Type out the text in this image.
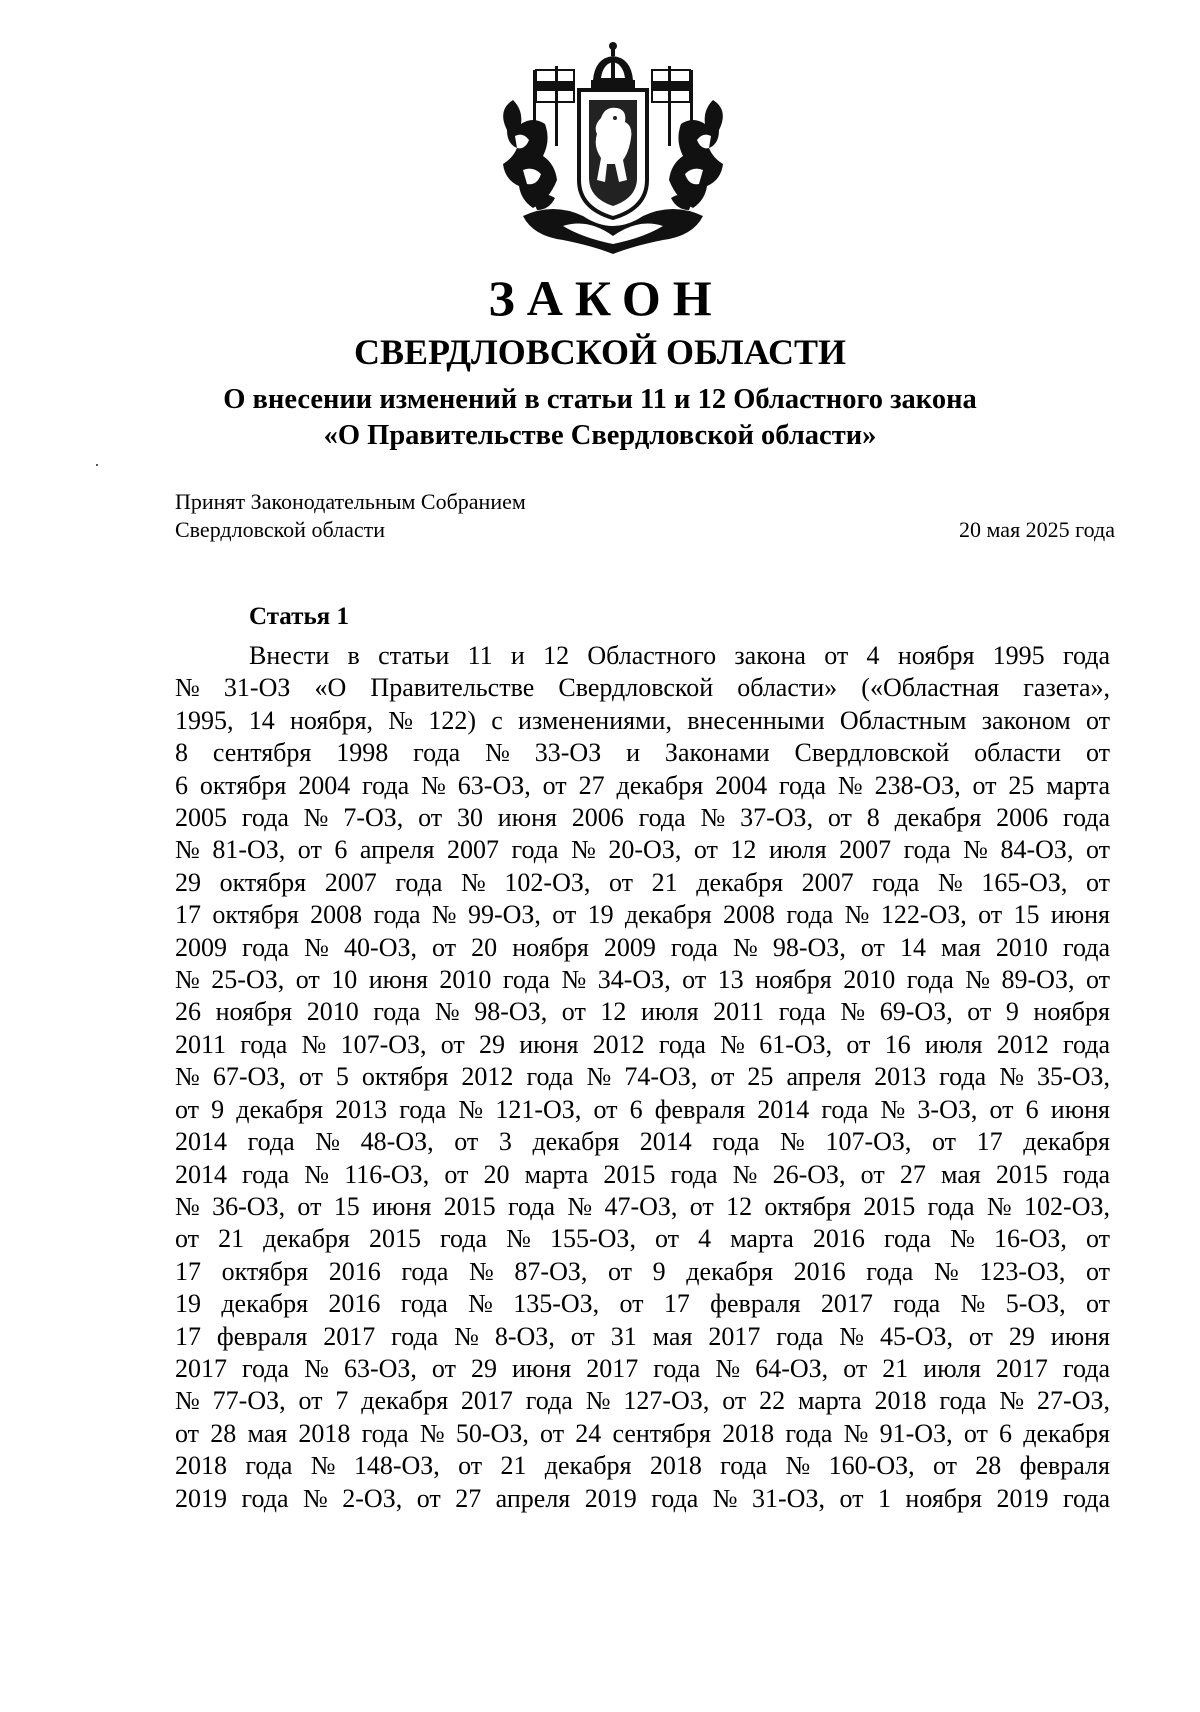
ЗАКОН
СВЕРДЛОВСКОЙ ОБЛАСТИ
О внесении изменений в статьи 11 и 12 Областного закона
«О Правительстве Свердловской области»
Принят Законодательным Собранием
Свердловской области	20 мая 2025 года
Статья 1
Внести в статьи 11 и 12 Областного закона от 4 ноября 1995 года
№ 31-ОЗ «О Правительстве Свердловской области» («Областная газета»,
1995, 14 ноября, № 122) с изменениями, внесенными Областным законом от
8 сентября 1998 года № 33-ОЗ и Законами Свердловской области от
6 октября 2004 года № 63-ОЗ, от 27 декабря 2004 года № 238-ОЗ, от 25 марта
2005 года № 7-ОЗ, от 30 июня 2006 года № 37-ОЗ, от 8 декабря 2006 года
№ 81-ОЗ, от 6 апреля 2007 года № 20-ОЗ, от 12 июля 2007 года № 84-ОЗ, от
29 октября 2007 года № 102-ОЗ, от 21 декабря 2007 года № 165-ОЗ, от
17 октября 2008 года № 99-ОЗ, от 19 декабря 2008 года № 122-ОЗ, от 15 июня
2009 года № 40-ОЗ, от 20 ноября 2009 года № 98-ОЗ, от 14 мая 2010 года
№ 25-ОЗ, от 10 июня 2010 года № 34-ОЗ, от 13 ноября 2010 года № 89-ОЗ, от
26 ноября 2010 года № 98-ОЗ, от 12 июля 2011 года № 69-ОЗ, от 9 ноября
2011 года № 107-ОЗ, от 29 июня 2012 года № 61-ОЗ, от 16 июля 2012 года
№ 67-ОЗ, от 5 октября 2012 года № 74-ОЗ, от 25 апреля 2013 года № 35-ОЗ,
от 9 декабря 2013 года № 121-ОЗ, от 6 февраля 2014 года № 3-ОЗ, от 6 июня
2014 года № 48-ОЗ, от 3 декабря 2014 года № 107-ОЗ, от 17 декабря
2014 года № 116-ОЗ, от 20 марта 2015 года № 26-ОЗ, от 27 мая 2015 года
№ 36-ОЗ, от 15 июня 2015 года № 47-ОЗ, от 12 октября 2015 года № 102-ОЗ,
от 21 декабря 2015 года № 155-ОЗ, от 4 марта 2016 года № 16-ОЗ, от
17 октября 2016 года № 87-ОЗ, от 9 декабря 2016 года № 123-ОЗ, от
19 декабря 2016 года № 135-ОЗ, от 17 февраля 2017 года № 5-ОЗ, от
17 февраля 2017 года № 8-ОЗ, от 31 мая 2017 года № 45-ОЗ, от 29 июня
2017 года № 63-ОЗ, от 29 июня 2017 года № 64-ОЗ, от 21 июля 2017 года
№ 77-ОЗ, от 7 декабря 2017 года № 127-ОЗ, от 22 марта 2018 года № 27-ОЗ,
от 28 мая 2018 года № 50-ОЗ, от 24 сентября 2018 года № 91-ОЗ, от 6 декабря
2018 года № 148-ОЗ, от 21 декабря 2018 года № 160-ОЗ, от 28 февраля
2019 года № 2-ОЗ, от 27 апреля 2019 года № 31-ОЗ, от 1 ноября 2019 года
